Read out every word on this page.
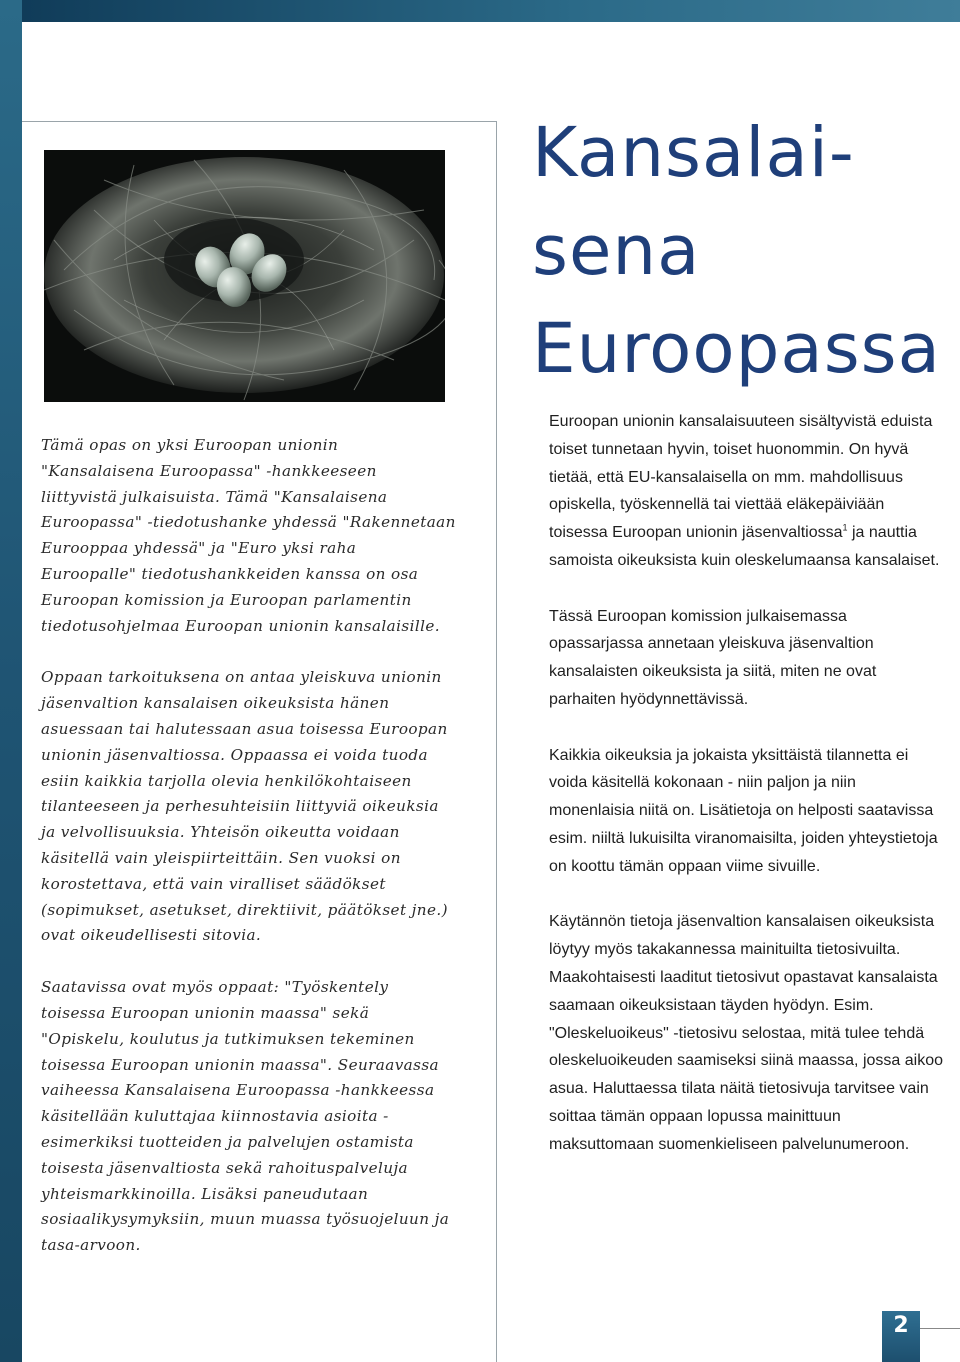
Kansalai-
sena
Euroopassa

Tämä opas on yksi Euroopan unionin "Kansalaisena Euroopassa" -hankkeeseen liittyvistä julkaisuista. Tämä "Kansalaisena Euroopassa" -tiedotushanke yhdessä "Rakennetaan Eurooppaa yhdessä" ja "Euro yksi raha Euroopalle" tiedotushankkeiden kanssa on osa Euroopan komission ja Euroopan parlamentin tiedotusohjelmaa Euroopan unionin kansalaisille.

Oppaan tarkoituksena on antaa yleiskuva unionin jäsenvaltion kansalaisen oikeuksista hänen asuessaan tai halutessaan asua toisessa Euroopan unionin jäsenvaltiossa. Oppaassa ei voida tuoda esiin kaikkia tarjolla olevia henkilökohtaiseen tilanteeseen ja perhesuhteisiin liittyviä oikeuksia ja velvollisuuksia. Yhteisön oikeutta voidaan käsitellä vain yleispiirteittäin. Sen vuoksi on korostettava, että vain viralliset säädökset (sopimukset, asetukset, direktiivit, päätökset jne.) ovat oikeudellisesti sitovia.

Saatavissa ovat myös oppaat: "Työskentely toisessa Euroopan unionin maassa" sekä "Opiskelu, koulutus ja tutkimuksen tekeminen toisessa Euroopan unionin maassa". Seuraavassa vaiheessa Kansalaisena Euroopassa -hankkeessa käsitellään kuluttajaa kiinnostavia asioita - esimerkiksi tuotteiden ja palvelujen ostamista toisesta jäsenvaltiosta sekä rahoituspalveluja yhteismarkkinoilla. Lisäksi paneudutaan sosiaalikysymyksiin, muun muassa työsuojeluun ja tasa-arvoon.

Euroopan unionin kansalaisuuteen sisältyvistä eduista toiset tunnetaan hyvin, toiset huonommin. On hyvä tietää, että EU-kansalaisella on mm. mahdollisuus opiskella, työskennellä tai viettää eläkepäiviään toisessa Euroopan unionin jäsenvaltiossa$^1$ ja nauttia samoista oikeuksista kuin oleskelumaansa kansalaiset.

Tässä Euroopan komission julkaisemassa opassarjassa annetaan yleiskuva jäsenvaltion kansalaisten oikeuksista ja siitä, miten ne ovat parhaiten hyödynnettävissä.

Kaikkia oikeuksia ja jokaista yksittäistä tilannetta ei voida käsitellä kokonaan - niin paljon ja niin monenlaisia niitä on. Lisätietoja on helposti saatavissa esim. niiltä lukuisilta viranomaisilta, joiden yhteystietoja on koottu tämän oppaan viime sivuille.

Käytännön tietoja jäsenvaltion kansalaisen oikeuksista löytyy myös takakannessa mainituilta tietosivuilta. Maakohtaisesti laaditut tietosivut opastavat kansalaista saamaan oikeuksistaan täyden hyödyn. Esim. "Oleskeluoikeus" -tietosivu selostaa, mitä tulee tehdä oleskeluoikeuden saamiseksi siinä maassa, jossa aikoo asua. Haluttaessa tilata näitä tietosivuja tarvitsee vain soittaa tämän oppaan lopussa mainittuun maksuttomaan suomenkieliseen palvelunumeroon.

2
